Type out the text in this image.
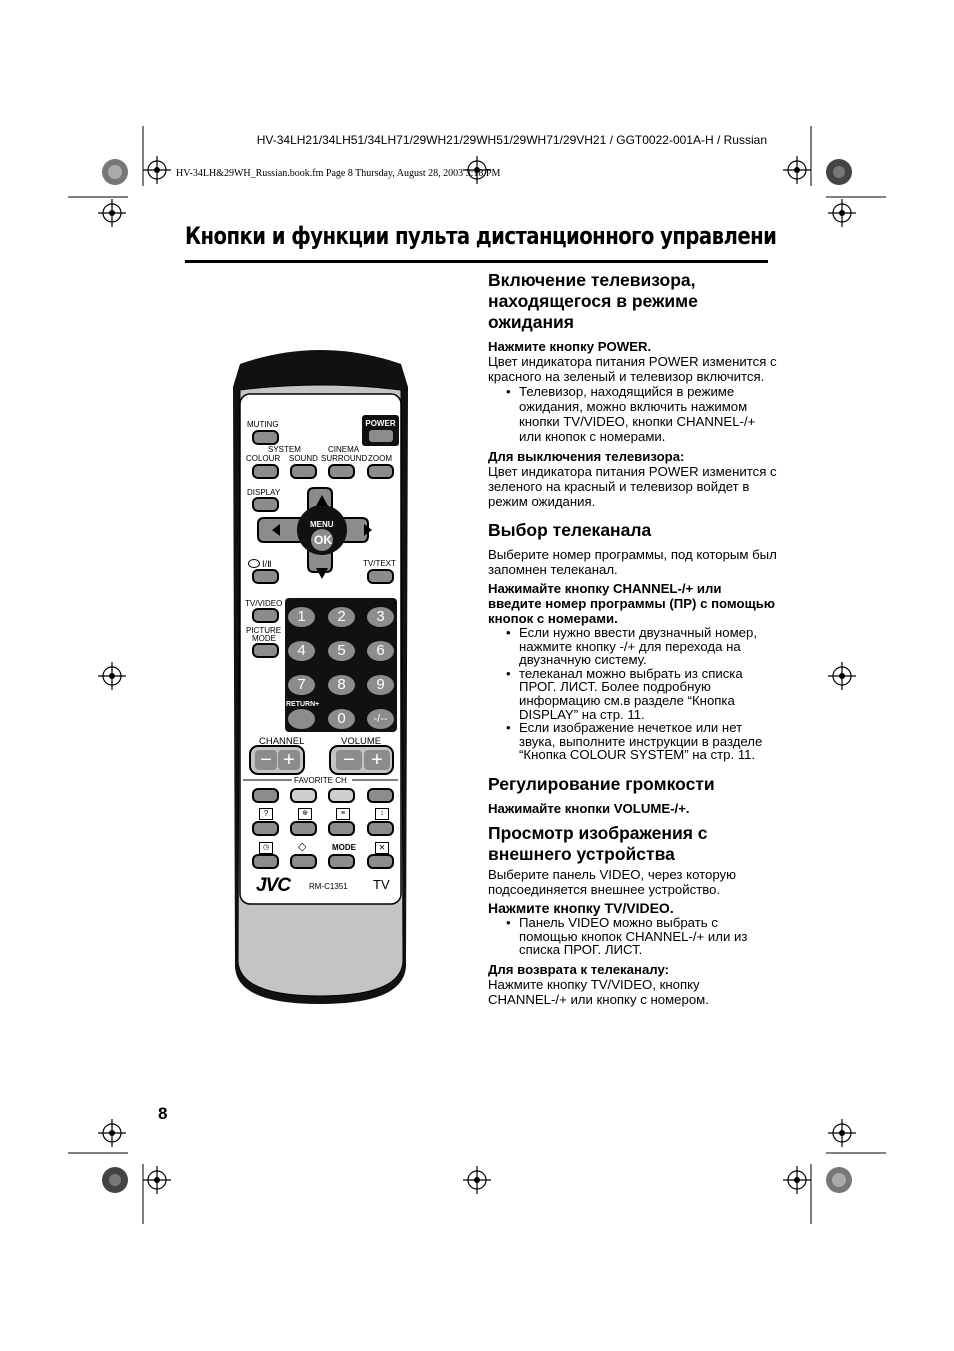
HV-34LH21/34LH51/34LH71/29WH21/29WH51/29WH71/29VH21 / GGT0022-001A-H / Russian
HV-34LH&29WH_Russian.book.fm Page 8 Thursday, August 28, 2003 3:18 PM
Кнопки и функции пульта дистанционного управлени
MUTING	POWER
SYSTEM
COLOUR SOUND
CINEMA
SURROUND ZOOM
DISPLAY
MENU
OK
Ⅰ/Ⅱ	TV/TEXT
TV/VIDEO
PICTURE
MODE
1	2	3
4	5	6
7	8	9
RETURN+
0	-/--
CHANNEL	VOLUME
− +	− +
FAVORITE CH
?	⊕	≡	↕
◷	◇	MODE	✕
JVC RM-C1351 TV
Включение телевизора, находящегося в режиме ожидания

Нажмите кнопку POWER.

Цвет индикатора питания POWER изменится с красного на зеленый и телевизор включится.

• Телевизор, находящийся в режиме ожидания, можно включить нажимом кнопки TV/VIDEO, кнопки CHANNEL-/+ или кнопок с номерами.

Для выключения телевизора:

Цвет индикатора питания POWER изменится с зеленого на красный и телевизор войдет в режим ожидания.

Выбор телеканала

Выберите номер программы, под которым был запомнен телеканал.

Нажимайте кнопку CHANNEL-/+ или введите номер программы (ПР) с помощью кнопок с номерами.

• Если нужно ввести двузначный номер, нажмите кнопку -/+ для перехода на двузначную систему.
• телеканал можно выбрать из списка ПРОГ. ЛИСТ. Более подробную информацию см.в разделе “Кнопка DISPLAY” на стр. 11.
• Если изображение нечеткое или нет звука, выполните инструкции в разделе “Кнопка COLOUR SYSTEM” на стр. 11.
Регулирование громкости

Нажимайте кнопки VOLUME-/+.

Просмотр изображения с внешнего устройства

Выберите панель VIDEO, через которую подсоединяется внешнее устройство.

Нажмите кнопку TV/VIDEO.

• Панель VIDEO можно выбрать с помощью кнопок CHANNEL-/+ или из списка ПРОГ. ЛИСТ.

Для возврата к телеканалу:

Нажмите кнопку TV/VIDEO, кнопку CHANNEL-/+ или кнопку с номером.

8
